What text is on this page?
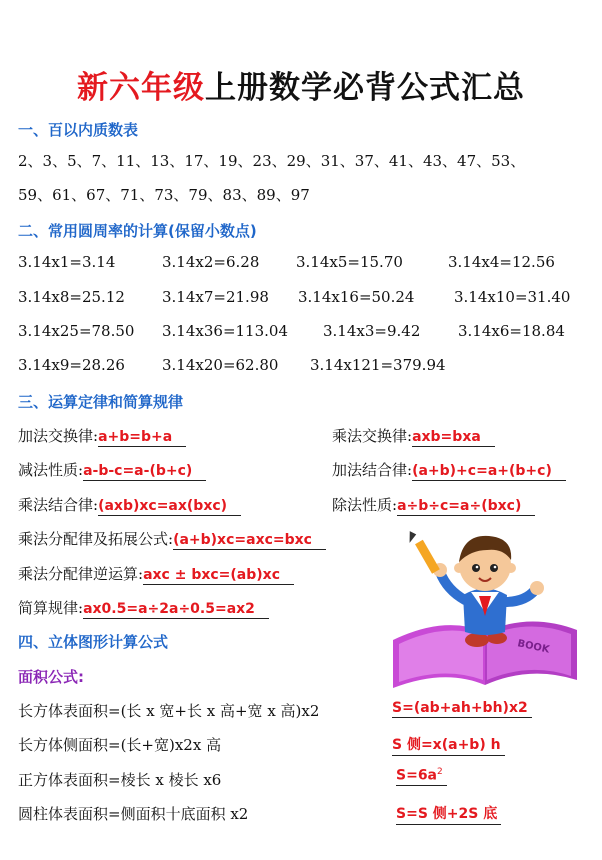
新六年级上册数学必背公式汇总
一、百以内质数表
2、3、5、7、11、13、17、19、23、29、31、37、41、43、47、53、
59、61、67、71、73、79、83、89、97
二、常用圆周率的计算(保留小数点)
3.14x1=3.14	3.14x2=6.28 3.14x5=15.70	3.14x4=12.56
3.14x8=25.12 3.14x7=21.98 3.14x16=50.24	3.14x10=31.40
3.14x25=78.50 3.14x36=113.04 3.14x3=9.42	3.14x6=18.84
3.14x9=28.26 3.14x20=62.80 3.14x121=379.94
三、运算定律和简算规律
加法交换律:a+b=b+a	乘法交换律:axb=bxa
减法性质:a-b-c=a-(b+c)	加法结合律:(a+b)+c=a+(b+c)
乘法结合律:(axb)xc=ax(bxc)	除法性质:a÷b÷c=a÷(bxc)
乘法分配律及拓展公式:(a+b)xc=axc=bxc
乘法分配律逆运算:axc ± bxc=(ab)xc
简算规律:ax0.5=a÷2a÷0.5=ax2
四、立体图形计算公式
面积公式:
长方体表面积=(长 x 宽+长 x 高+宽 x 高)x2	S=(ab+ah+bh)x2
长方体侧面积=(长+宽)x2x 高	S 侧=x(a+b) h
正方体表面积=棱长 x 棱长 x6	$S=6a^2$
圆柱体表面积=侧面积十底面积 x2	S=S 侧+2S 底
BOOK
